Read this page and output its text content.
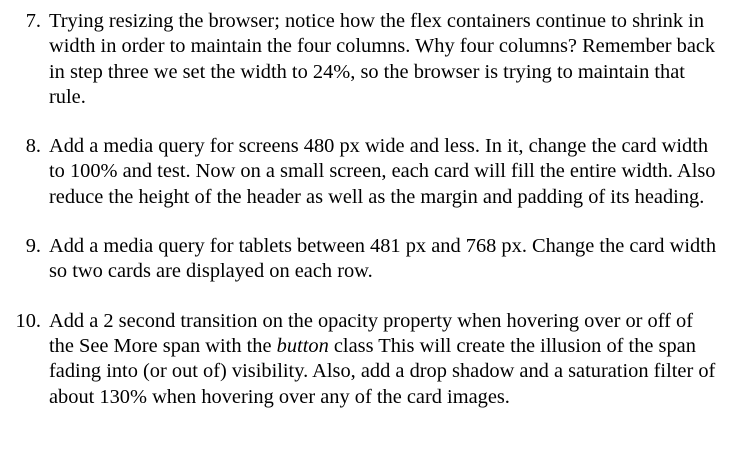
7. Trying resizing the browser; notice how the flex containers continue to shrink in width in order to maintain the four columns. Why four columns? Remember back in step three we set the width to 24%, so the browser is trying to maintain that rule.
8. Add a media query for screens 480 px wide and less. In it, change the card width to 100% and test. Now on a small screen, each card will fill the entire width. Also reduce the height of the header as well as the margin and padding of its heading.
9. Add a media query for tablets between 481 px and 768 px. Change the card width so two cards are displayed on each row.
10. Add a 2 second transition on the opacity property when hovering over or off of the See More span with the button class This will create the illusion of the span fading into (or out of) visibility. Also, add a drop shadow and a saturation filter of about 130% when hovering over any of the card images.
